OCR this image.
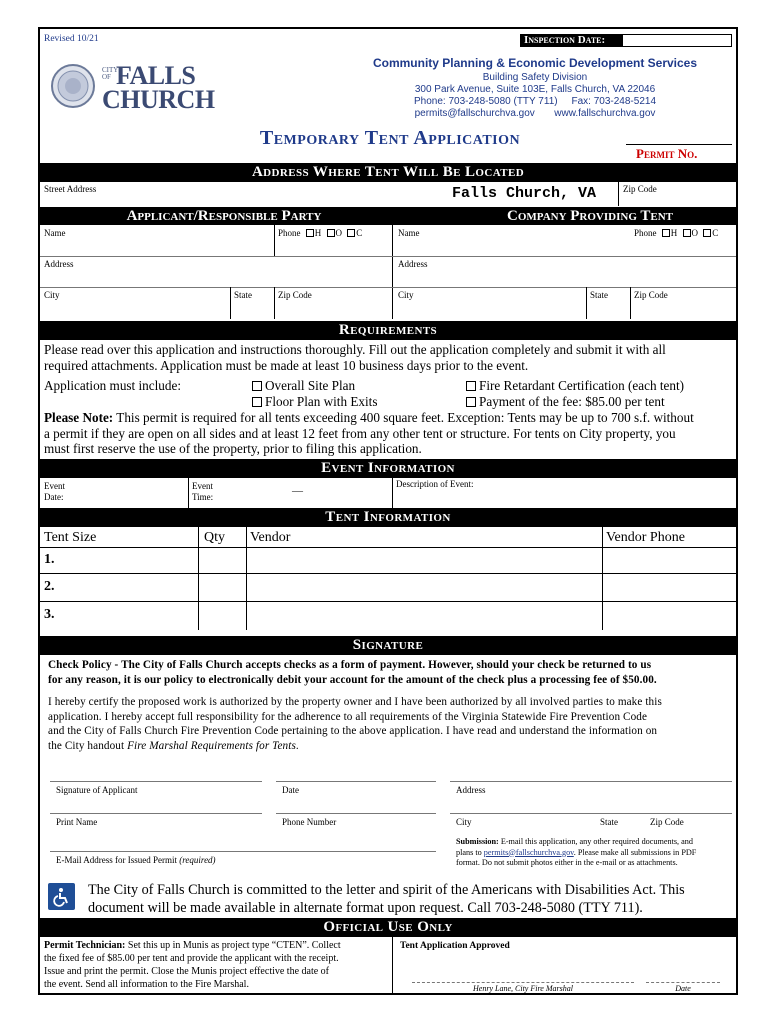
Revised 10/21	Inspection Date:
CITY OF FALLS
CHURCH
Community Planning & Economic Development Services
Building Safety Division
300 Park Avenue, Suite 103E, Falls Church, VA 22046
Phone: 703-248-5080 (TTY 711) Fax: 703-248-5214
permits@fallschurchva.gov www.fallschurchva.gov
Temporary Tent Application
Permit No.
Address Where Tent Will Be Located
Street Address	Falls Church, VA	Zip Code
Applicant/Responsible Party	Company Providing Tent
Name	Phone H O C
Address
City	State	Zip Code
Name	Phone H O C
Address
City	State	Zip Code
Requirements
Please read over this application and instructions thoroughly. Fill out the application completely and submit it with all
required attachments. Application must be made at least 10 business days prior to the event.
Application must include:	Overall Site Plan	Fire Retardant Certification (each tent)
Floor Plan with Exits	Payment of the fee: $85.00 per tent
Please Note: This permit is required for all tents exceeding 400 square feet. Exception: Tents may be up to 700 s.f. without
a permit if they are open on all sides and at least 12 feet from any other tent or structure. For tents on City property, you
must first reserve the use of the property, prior to filing this application.
Event Information
Event
Date:
Event
Time:	—
Description of Event:
Tent Information
Tent Size	Qty Vendor	Vendor Phone
1.
2.
3.
Signature
Check Policy - The City of Falls Church accepts checks as a form of payment. However, should your check be returned to us
for any reason, it is our policy to electronically debit your account for the amount of the check plus a processing fee of $50.00.
I hereby certify the proposed work is authorized by the property owner and I have been authorized by all involved parties to make this
application. I hereby accept full responsibility for the adherence to all requirements of the Virginia Statewide Fire Prevention Code
and the City of Falls Church Fire Prevention Code pertaining to the above application. I have read and understand the information on
the City handout Fire Marshal Requirements for Tents.
Signature of Applicant	Date	Address
Print Name	Phone Number	City	State	Zip Code
E-Mail Address for Issued Permit (required)
Submission: E-mail this application, any other required documents, and
plans to permits@fallschurchva.gov. Please make all submissions in PDF
format. Do not submit photos either in the e-mail or as attachments.
The City of Falls Church is committed to the letter and spirit of the Americans with Disabilities Act. This
document will be made available in alternate format upon request. Call 703-248-5080 (TTY 711).
Official Use Only
Permit Technician: Set this up in Munis as project type “CTEN”. Collect
the fixed fee of $85.00 per tent and provide the applicant with the receipt.
Issue and print the permit. Close the Munis project effective the date of
the event. Send all information to the Fire Marshal.
Tent Application Approved
Henry Lane, City Fire Marshal	Date
